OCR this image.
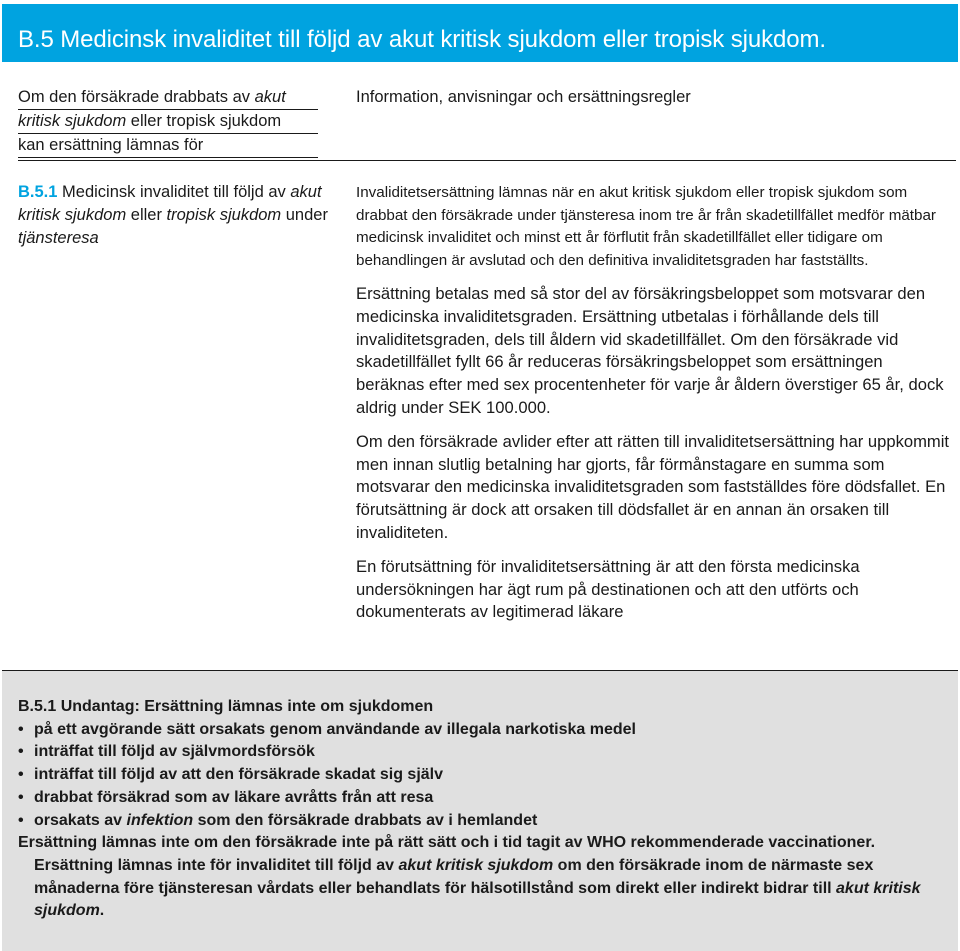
B.5 Medicinsk invaliditet till följd av akut kritisk sjukdom eller tropisk sjukdom.
Om den försäkrade drabbats av akut
kritisk sjukdom eller tropisk sjukdom
kan ersättning lämnas för
Information, anvisningar och ersättningsregler
B.5.1 Medicinsk invaliditet till följd av akut kritisk sjukdom eller tropisk sjukdom under tjänsteresa

Invaliditetsersättning lämnas när en akut kritisk sjukdom eller tropisk sjukdom som drabbat den försäkrade under tjänsteresa inom tre år från skadetillfället medför mätbar medicinsk invaliditet och minst ett år förflutit från skadetillfället eller tidigare om behandlingen är avslutad och den definitiva invaliditetsgraden har fastställts.

Ersättning betalas med så stor del av försäkringsbeloppet som motsvarar den medicinska invaliditetsgraden. Ersättning utbetalas i förhållande dels till invaliditetsgraden, dels till åldern vid skadetillfället. Om den försäkrade vid skadetillfället fyllt 66 år reduceras försäkringsbeloppet som ersättningen beräknas efter med sex procentenheter för varje år åldern överstiger 65 år, dock aldrig under SEK 100.000.

Om den försäkrade avlider efter att rätten till invaliditetsersättning har uppkommit men innan slutlig betalning har gjorts, får förmånstagare en summa som motsvarar den medicinska invaliditetsgraden som fastställdes före dödsfallet. En förutsättning är dock att orsaken till dödsfallet är en annan än orsaken till invaliditeten.

En förutsättning för invaliditetsersättning är att den första medicinska undersökningen har ägt rum på destinationen och att den utförts och dokumenterats av legitimerad läkare

B.5.1 Undantag: Ersättning lämnas inte om sjukdomen
• på ett avgörande sätt orsakats genom användande av illegala narkotiska medel
• inträffat till följd av självmordsförsök
• inträffat till följd av att den försäkrade skadat sig själv
• drabbat försäkrad som av läkare avråtts från att resa
• orsakats av infektion som den försäkrade drabbats av i hemlandet
Ersättning lämnas inte om den försäkrade inte på rätt sätt och i tid tagit av WHO rekommenderade vaccinationer.
Ersättning lämnas inte för invaliditet till följd av akut kritisk sjukdom om den försäkrade inom de närmaste sex månaderna före tjänsteresan vårdats eller behandlats för hälsotillstånd som direkt eller indirekt bidrar till akut kritisk sjukdom.
